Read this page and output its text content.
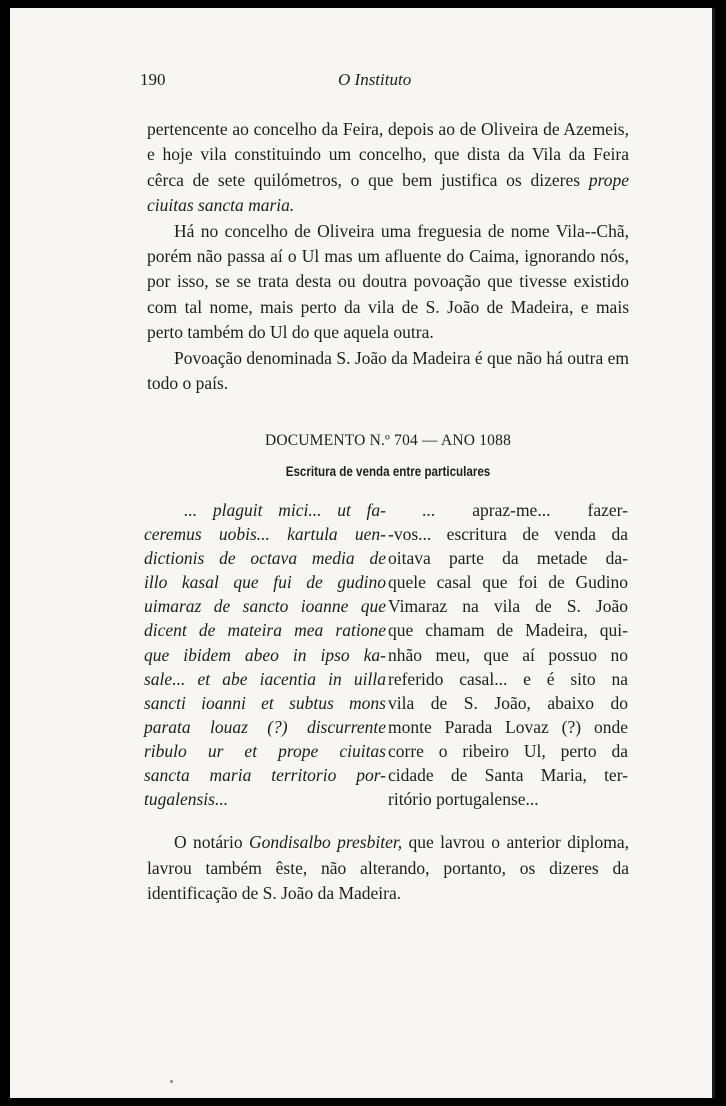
190	O Instituto

pertencente ao concelho da Feira, depois ao de Oliveira de Azemeis, e hoje vila constituindo um concelho, que dista da Vila da Feira cêrca de sete quilómetros, o que bem justifica os dizeres prope ciuitas sancta maria.

Há no concelho de Oliveira uma freguesia de nome Vila--Chã, porém não passa aí o Ul mas um afluente do Caima, ignorando nós, por isso, se se trata desta ou doutra povoação que tivesse existido com tal nome, mais perto da vila de S. João de Madeira, e mais perto também do Ul do que aquela outra.

Povoação denominada S. João da Madeira é que não há outra em todo o país.

DOCUMENTO N.º 704 — ANO 1088
Escritura de venda entre particulares
... plaguit mici... ut fa-
ceremus uobis... kartula uen-
dictionis de octava media de
illo kasal que fui de gudino
uimaraz de sancto ioanne que
dicent de mateira mea ratione
que ibidem abeo in ipso ka-
sale... et abe iacentia in uilla
sancti ioanni et subtus mons
parata louaz (?) discurrente
ribulo ur et prope ciuitas
sancta maria territorio por-
tugalensis...
... apraz-me... fazer-
-vos... escritura de venda da
oitava parte da metade da-
quele casal que foi de Gudino
Vimaraz na vila de S. João
que chamam de Madeira, qui-
nhão meu, que aí possuo no
referido casal... e é sito na
vila de S. João, abaixo do
monte Parada Lovaz (?) onde
corre o ribeiro Ul, perto da
cidade de Santa Maria, ter-
ritório portugalense...

O notário Gondisalbo presbiter, que lavrou o anterior diploma, lavrou também êste, não alterando, portanto, os dizeres da identificação de S. João da Madeira.
